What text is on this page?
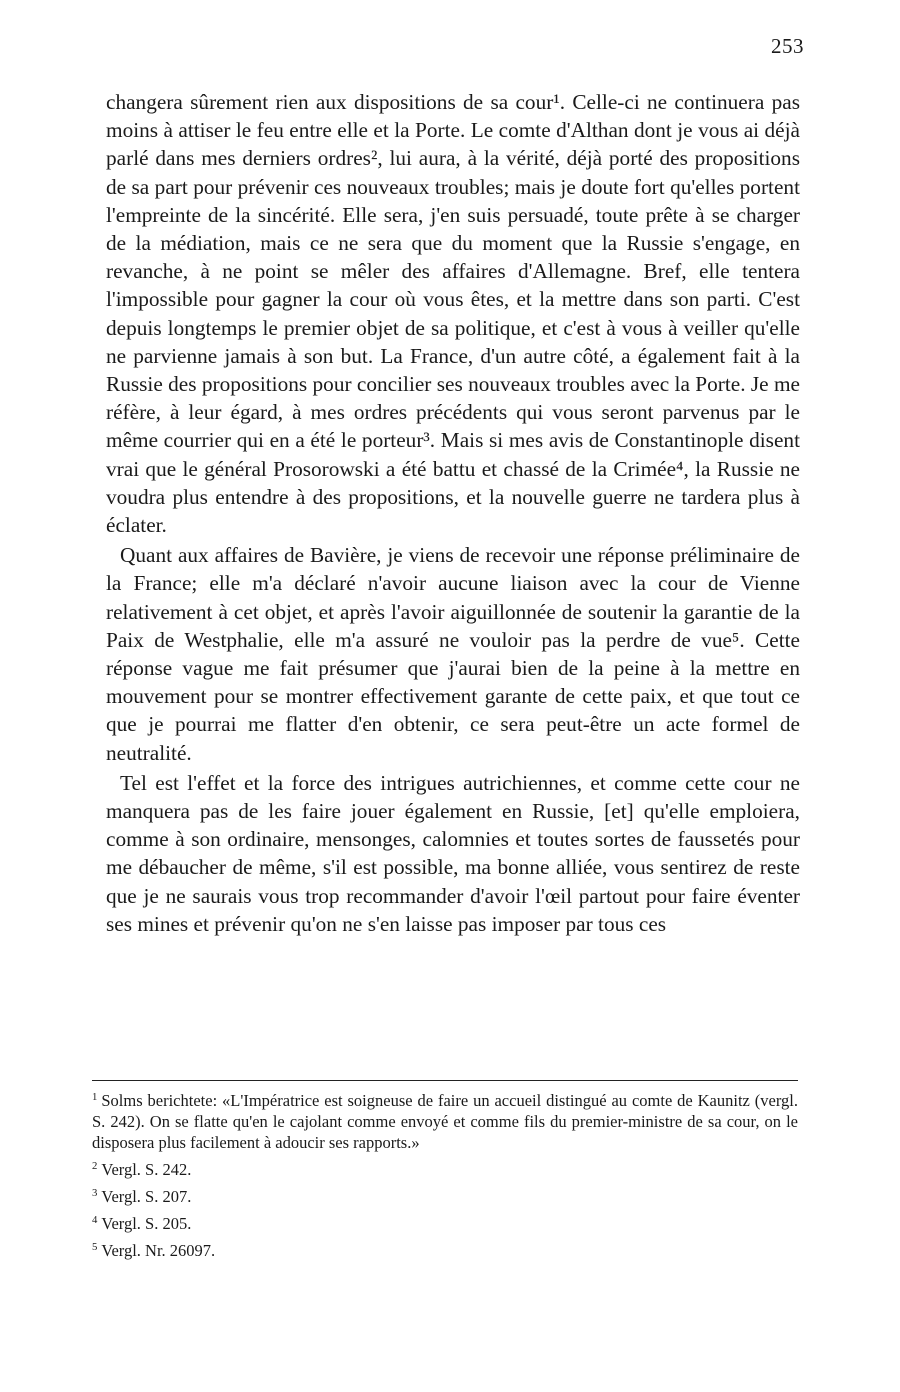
253

changera sûrement rien aux dispositions de sa cour¹. Celle-ci ne continuera pas moins à attiser le feu entre elle et la Porte. Le comte d'Althan dont je vous ai déjà parlé dans mes derniers ordres², lui aura, à la vérité, déjà porté des propositions de sa part pour prévenir ces nouveaux troubles; mais je doute fort qu'elles portent l'empreinte de la sincérité. Elle sera, j'en suis persuadé, toute prête à se charger de la médiation, mais ce ne sera que du moment que la Russie s'engage, en revanche, à ne point se mêler des affaires d'Allemagne. Bref, elle tentera l'impossible pour gagner la cour où vous êtes, et la mettre dans son parti. C'est depuis longtemps le premier objet de sa politique, et c'est à vous à veiller qu'elle ne parvienne jamais à son but. La France, d'un autre côté, a également fait à la Russie des propositions pour concilier ses nouveaux troubles avec la Porte. Je me réfère, à leur égard, à mes ordres précédents qui vous seront parvenus par le même courrier qui en a été le porteur³. Mais si mes avis de Constantinople disent vrai que le général Prosorowski a été battu et chassé de la Crimée⁴, la Russie ne voudra plus entendre à des propositions, et la nouvelle guerre ne tardera plus à éclater.

Quant aux affaires de Bavière, je viens de recevoir une réponse préliminaire de la France; elle m'a déclaré n'avoir aucune liaison avec la cour de Vienne relativement à cet objet, et après l'avoir aiguillonnée de soutenir la garantie de la Paix de Westphalie, elle m'a assuré ne vouloir pas la perdre de vue⁵. Cette réponse vague me fait présumer que j'aurai bien de la peine à la mettre en mouvement pour se montrer effectivement garante de cette paix, et que tout ce que je pourrai me flatter d'en obtenir, ce sera peut-être un acte formel de neutralité.

Tel est l'effet et la force des intrigues autrichiennes, et comme cette cour ne manquera pas de les faire jouer également en Russie, [et] qu'elle emploiera, comme à son ordinaire, mensonges, calomnies et toutes sortes de faussetés pour me débaucher de même, s'il est possible, ma bonne alliée, vous sentirez de reste que je ne saurais vous trop recommander d'avoir l'œil partout pour faire éventer ses mines et prévenir qu'on ne s'en laisse pas imposer par tous ces

$^1$ Solms berichtete: «L'Impératrice est soigneuse de faire un accueil distingué au comte de Kaunitz (vergl. S. 242). On se flatte qu'en le cajolant comme envoyé et comme fils du premier-ministre de sa cour, on le disposera plus facilement à adoucir ses rapports.»
$^2$ Vergl. S. 242.
$^3$ Vergl. S. 207.
$^4$ Vergl. S. 205.
$^5$ Vergl. Nr. 26097.
